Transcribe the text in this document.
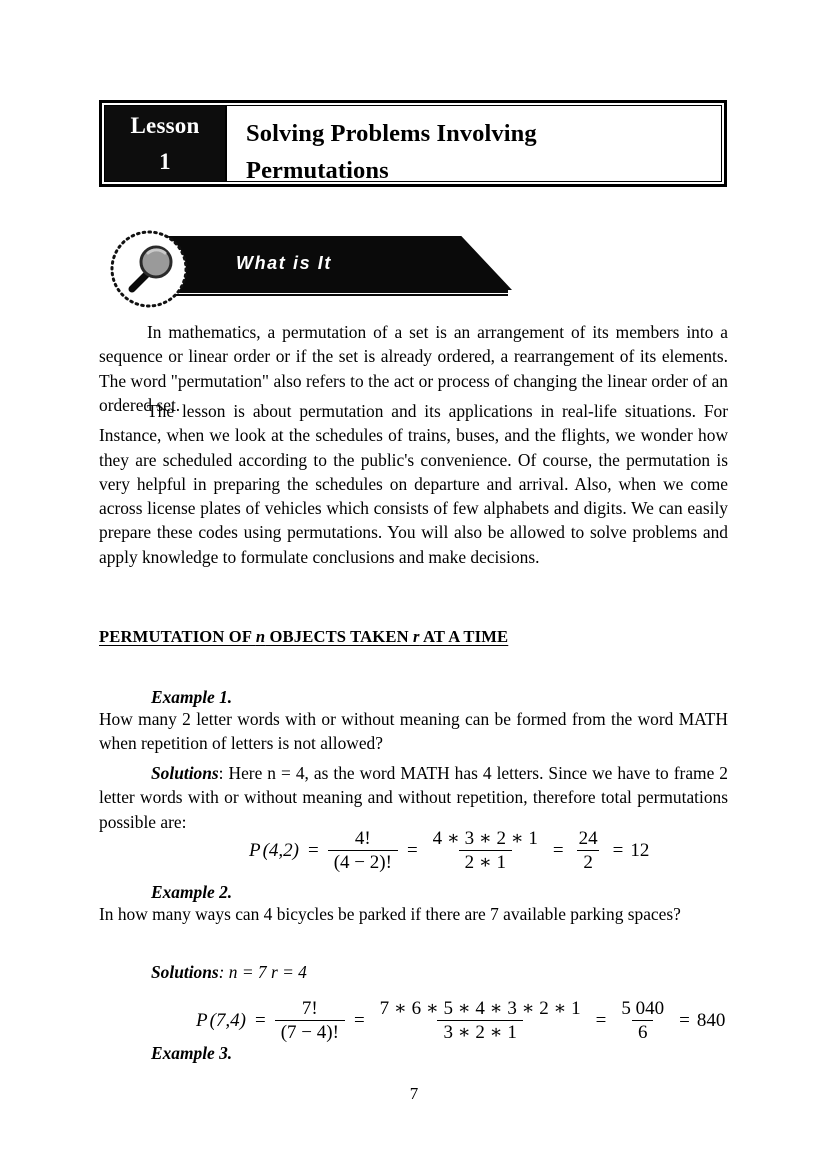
Lesson
1
Solving Problems Involving
Permutations
What is It

In mathematics, a permutation of a set is an arrangement of its members into a sequence or linear order or if the set is already ordered, a rearrangement of its elements. The word "permutation" also refers to the act or process of changing the linear order of an ordered set.

The lesson is about permutation and its applications in real-life situations. For Instance, when we look at the schedules of trains, buses, and the flights, we wonder how they are scheduled according to the public's convenience. Of course, the permutation is very helpful in preparing the schedules on departure and arrival. Also, when we come across license plates of vehicles which consists of few alphabets and digits. We can easily prepare these codes using permutations. You will also be allowed to solve problems and apply knowledge to formulate conclusions and make decisions.

PERMUTATION OF n OBJECTS TAKEN r AT A TIME
Example 1.

How many 2 letter words with or without meaning can be formed from the word MATH when repetition of letters is not allowed?

Solutions: Here n = 4, as the word MATH has 4 letters. Since we have to frame 2 letter words with or without meaning and without repetition, therefore total permutations possible are:
P $(4,2) = \frac{4!}{(4 - 2)!} = \frac{4 ∗ 3 ∗ 2 ∗ 1}{2 ∗ 1} = \frac{24}{2} = 12$
Example 2.

In how many ways can 4 bicycles be parked if there are 7 available parking spaces?

Solutions: n = 7 r = 4
P $(7,4) = \frac{7!}{(7 - 4)!} = \frac{7 ∗ 6 ∗ 5 ∗ 4 ∗ 3 ∗ 2 ∗ 1}{3 ∗ 2 ∗ 1} = \frac{5 040}{6} = 840$
Example 3.
7
